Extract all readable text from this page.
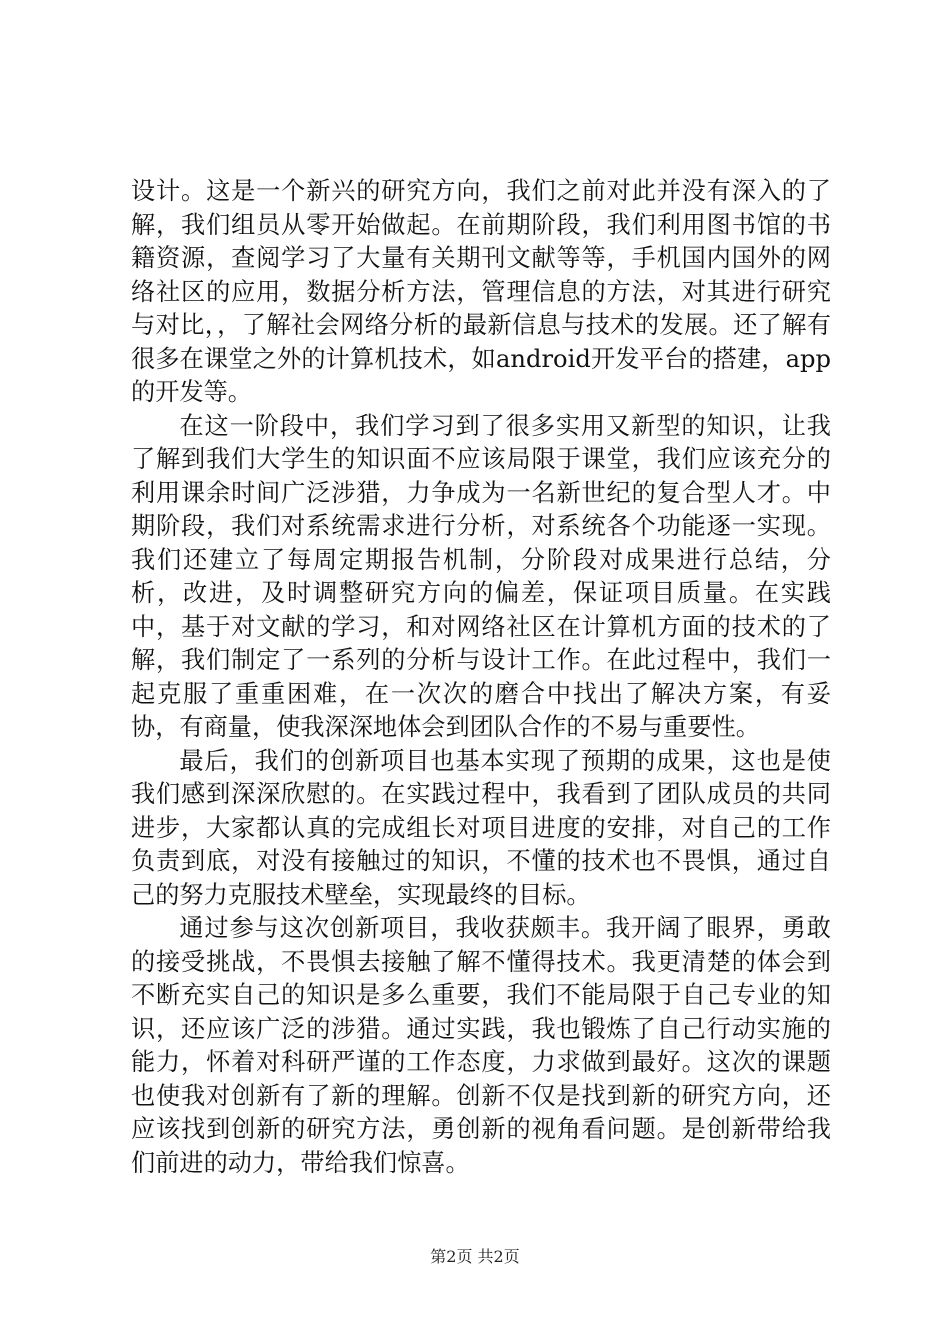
设计。这是一个新兴的研究方向，我们之前对此并没有深入的了解，我们组员从零开始做起。在前期阶段，我们利用图书馆的书籍资源，查阅学习了大量有关期刊文献等等，手机国内国外的网络社区的应用，数据分析方法，管理信息的方法，对其进行研究与对比，，了解社会网络分析的最新信息与技术的发展。还了解有很多在课堂之外的计算机技术，如android开发平台的搭建，app的开发等。

在这一阶段中，我们学习到了很多实用又新型的知识，让我了解到我们大学生的知识面不应该局限于课堂，我们应该充分的利用课余时间广泛涉猎，力争成为一名新世纪的复合型人才。中期阶段，我们对系统需求进行分析，对系统各个功能逐一实现。我们还建立了每周定期报告机制，分阶段对成果进行总结，分析，改进，及时调整研究方向的偏差，保证项目质量。在实践中，基于对文献的学习，和对网络社区在计算机方面的技术的了解，我们制定了一系列的分析与设计工作。在此过程中，我们一起克服了重重困难，在一次次的磨合中找出了解决方案，有妥协，有商量，使我深深地体会到团队合作的不易与重要性。

最后，我们的创新项目也基本实现了预期的成果，这也是使我们感到深深欣慰的。在实践过程中，我看到了团队成员的共同进步，大家都认真的完成组长对项目进度的安排，对自己的工作负责到底，对没有接触过的知识，不懂的技术也不畏惧，通过自己的努力克服技术壁垒，实现最终的目标。

通过参与这次创新项目，我收获颇丰。我开阔了眼界，勇敢的接受挑战，不畏惧去接触了解不懂得技术。我更清楚的体会到不断充实自己的知识是多么重要，我们不能局限于自己专业的知识，还应该广泛的涉猎。通过实践，我也锻炼了自己行动实施的能力，怀着对科研严谨的工作态度，力求做到最好。这次的课题也使我对创新有了新的理解。创新不仅是找到新的研究方向，还应该找到创新的研究方法，勇创新的视角看问题。是创新带给我们前进的动力，带给我们惊喜。

第2页 共2页
